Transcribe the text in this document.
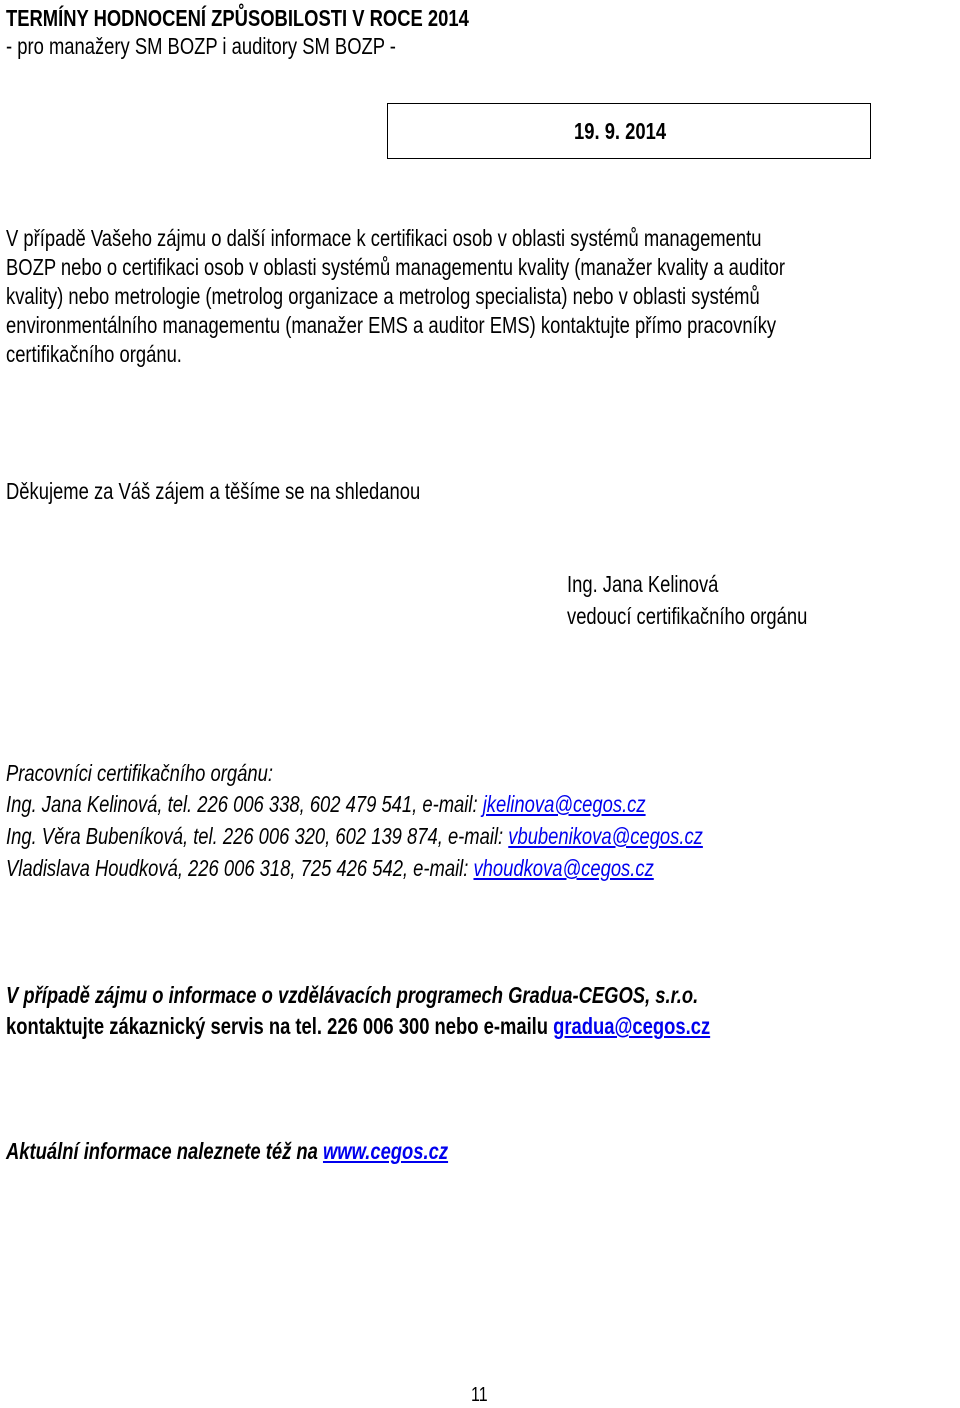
TERMÍNY HODNOCENÍ ZPŮSOBILOSTI V ROCE 2014
- pro manažery SM BOZP i auditory SM BOZP -
19. 9. 2014
V případě Vašeho zájmu o další informace k certifikaci osob v oblasti systémů managementu
BOZP nebo o certifikaci osob v oblasti systémů managementu kvality (manažer kvality a auditor
kvality) nebo metrologie (metrolog organizace a metrolog specialista) nebo v oblasti systémů
environmentálního managementu (manažer EMS a auditor EMS) kontaktujte přímo pracovníky
certifikačního orgánu.
Děkujeme za Váš zájem a těšíme se na shledanou
Ing. Jana Kelinová
vedoucí certifikačního orgánu
Pracovníci certifikačního orgánu:
Ing. Jana Kelinová, tel. 226 006 338, 602 479 541, e-mail: jkelinova@cegos.cz
Ing. Věra Bubeníková, tel. 226 006 320, 602 139 874, e-mail: vbubenikova@cegos.cz
Vladislava Houdková, 226 006 318, 725 426 542, e-mail: vhoudkova@cegos.cz
V případě zájmu o informace o vzdělávacích programech Gradua-CEGOS, s.r.o.
kontaktujte zákaznický servis na tel. 226 006 300 nebo e-mailu gradua@cegos.cz
Aktuální informace naleznete též na www.cegos.cz
11
